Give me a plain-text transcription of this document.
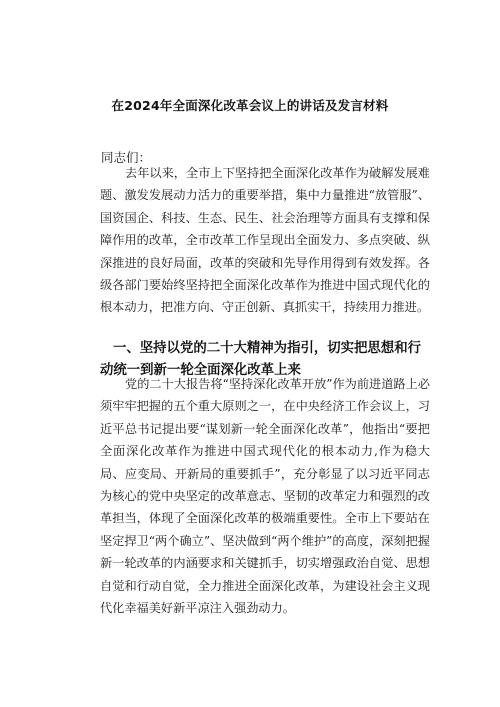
在2024年全面深化改革会议上的讲话及发言材料
同志们：

去年以来，全市上下坚持把全面深化改革作为破解发展难题、激发发展动力活力的重要举措，集中力量推进“放管服”、国资国企、科技、生态、民生、社会治理等方面具有支撑和保障作用的改革，全市改革工作呈现出全面发力、多点突破、纵深推进的良好局面，改革的突破和先导作用得到有效发挥。各级各部门要始终坚持把全面深化改革作为推进中国式现代化的根本动力，把准方向、守正创新、真抓实干，持续用力推进。

一、坚持以党的二十大精神为指引，切实把思想和行动统一到新一轮全面深化改革上来

党的二十大报告将“坚持深化改革开放”作为前进道路上必须牢牢把握的五个重大原则之一，在中央经济工作会议上，习近平总书记提出要“谋划新一轮全面深化改革”，他指出“要把全面深化改革作为推进中国式现代化的根本动力,作为稳大局、应变局、开新局的重要抓手”，充分彰显了以习近平同志为核心的党中央坚定的改革意志、坚韧的改革定力和强烈的改革担当，体现了全面深化改革的极端重要性。全市上下要站在坚定捍卫“两个确立”、坚决做到“两个维护”的高度，深刻把握新一轮改革的内涵要求和关键抓手，切实增强政治自觉、思想自觉和行动自觉，全力推进全面深化改革，为建设社会主义现代化幸福美好新平凉注入强劲动力。
